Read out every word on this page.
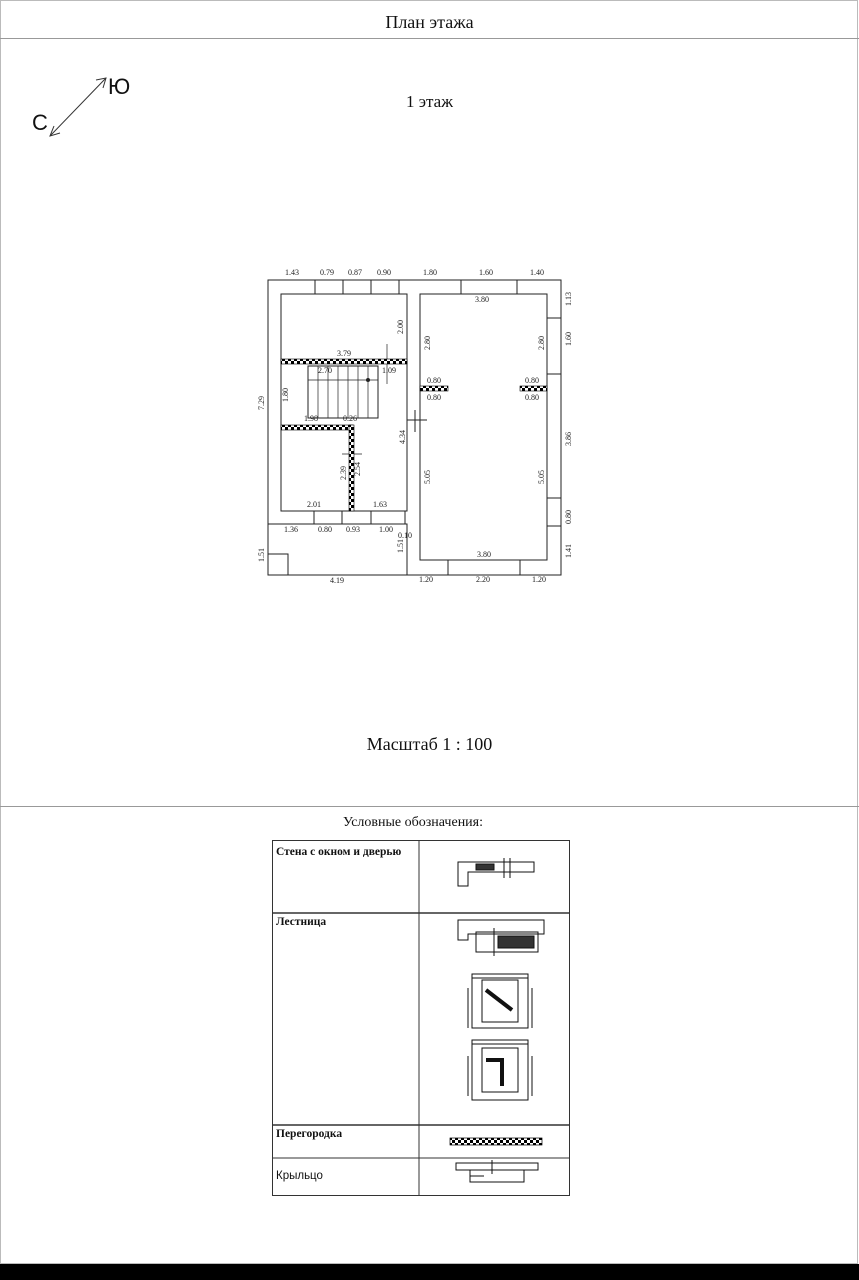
План этажа
С
Ю
1 этаж
1.43	0.79 0.87 0.90	1.80	1.60	1.40
3.79
2.70	1.09
1.98	0.26
2.01	1.63
0.10
3.80
3.80
0.80
0.80
0.80
0.80
2.00
1.80
2.39 2.54
2.80	2.80
4.34
5.05	5.05
7.29
1.51
1.51
1.13
1.60
3.86
0.80
1.41
1.36	0.80 0.93 1.00
4.19	1.20	2.20	1.20
Масштаб 1 : 100
Условные обозначения:
Стена с окном и дверью
Лестница
Перегородка
Крыльцо
